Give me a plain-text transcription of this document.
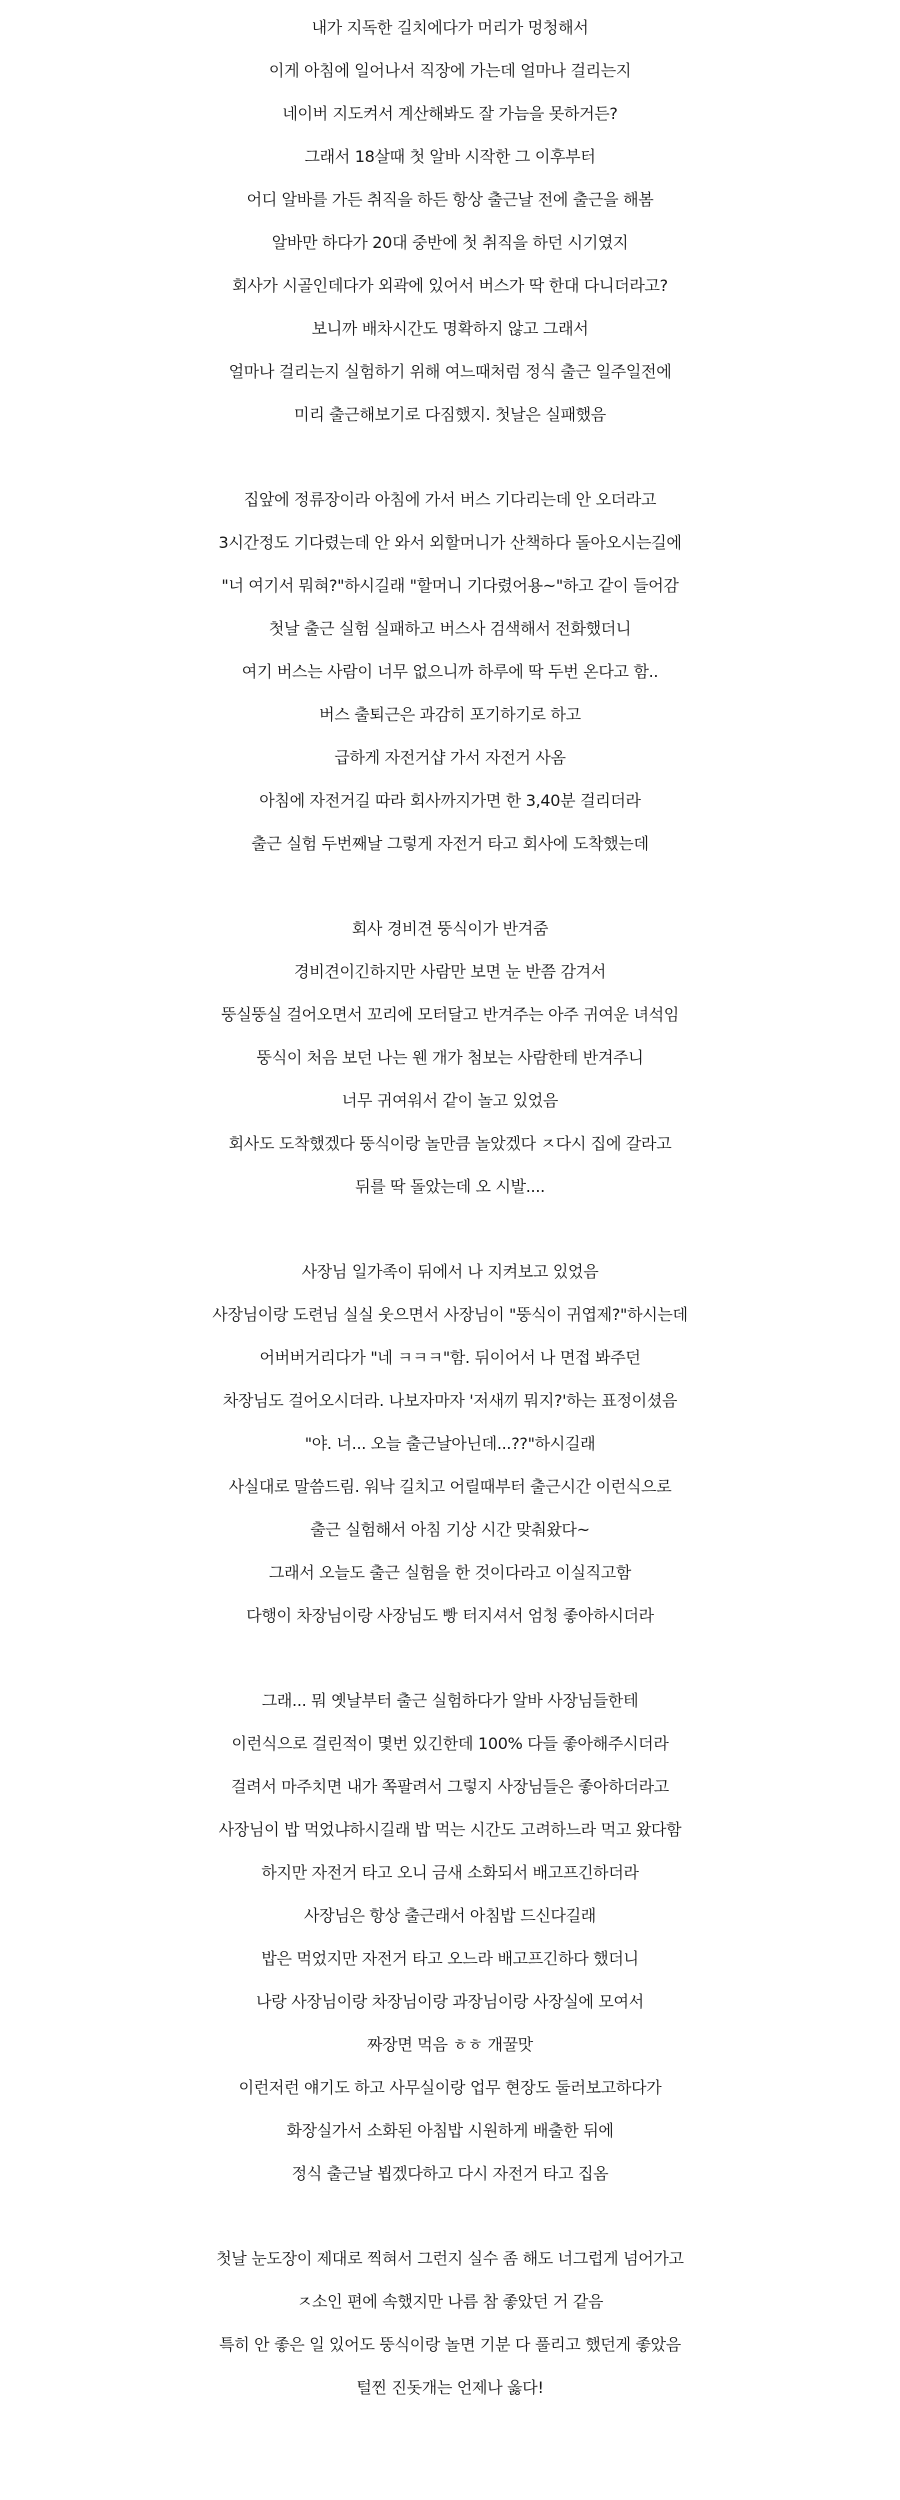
내가 지독한 길치에다가 머리가 멍청해서
이게 아침에 일어나서 직장에 가는데 얼마나 걸리는지
네이버 지도켜서 계산해봐도 잘 가늠을 못하거든?
그래서 18살때 첫 알바 시작한 그 이후부터
어디 알바를 가든 취직을 하든 항상 출근날 전에 출근을 해봄
알바만 하다가 20대 중반에 첫 취직을 하던 시기였지
회사가 시골인데다가 외곽에 있어서 버스가 딱 한대 다니더라고?
보니까 배차시간도 명확하지 않고 그래서
얼마나 걸리는지 실험하기 위해 여느때처럼 정식 출근 일주일전에
미리 출근해보기로 다짐했지. 첫날은 실패했음
집앞에 정류장이라 아침에 가서 버스 기다리는데 안 오더라고
3시간정도 기다렸는데 안 와서 외할머니가 산책하다 돌아오시는길에
"너 여기서 뭐혀?"하시길래 "할머니 기다렸어용~"하고 같이 들어감
첫날 출근 실험 실패하고 버스사 검색해서 전화했더니
여기 버스는 사람이 너무 없으니까 하루에 딱 두번 온다고 함..
버스 출퇴근은 과감히 포기하기로 하고
급하게 자전거샵 가서 자전거 사옴
아침에 자전거길 따라 회사까지가면 한 3,40분 걸리더라
출근 실험 두번째날 그렇게 자전거 타고 회사에 도착했는데
회사 경비견 뚱식이가 반겨줌
경비견이긴하지만 사람만 보면 눈 반쯤 감겨서
뚱실뚱실 걸어오면서 꼬리에 모터달고 반겨주는 아주 귀여운 녀석임
뚱식이 처음 보던 나는 웬 개가 첨보는 사람한테 반겨주니
너무 귀여워서 같이 놀고 있었음
회사도 도착했겠다 뚱식이랑 놀만큼 놀았겠다 ㅈ다시 집에 갈라고
뒤를 딱 돌았는데 오 시발....
사장님 일가족이 뒤에서 나 지켜보고 있었음
사장님이랑 도련님 실실 웃으면서 사장님이 "뚱식이 귀엽제?"하시는데
어버버거리다가 "네 ㅋㅋㅋ"함. 뒤이어서 나 면접 봐주던
차장님도 걸어오시더라. 나보자마자 '저새끼 뭐지?'하는 표정이셨음
"야. 너... 오늘 출근날아닌데...??"하시길래
사실대로 말씀드림. 워낙 길치고 어릴때부터 출근시간 이런식으로
출근 실험해서 아침 기상 시간 맞춰왔다~
그래서 오늘도 출근 실험을 한 것이다라고 이실직고함
다행이 차장님이랑 사장님도 빵 터지셔서 엄청 좋아하시더라
그래... 뭐 옛날부터 출근 실험하다가 알바 사장님들한테
이런식으로 걸린적이 몇번 있긴한데 100% 다들 좋아해주시더라
걸려서 마주치면 내가 쪽팔려서 그렇지 사장님들은 좋아하더라고
사장님이 밥 먹었냐하시길래 밥 먹는 시간도 고려하느라 먹고 왔다함
하지만 자전거 타고 오니 금새 소화되서 배고프긴하더라
사장님은 항상 출근래서 아침밥 드신다길래
밥은 먹었지만 자전거 타고 오느라 배고프긴하다 했더니
나랑 사장님이랑 차장님이랑 과장님이랑 사장실에 모여서
짜장면 먹음 ㅎㅎ 개꿀맛
이런저런 얘기도 하고 사무실이랑 업무 현장도 둘러보고하다가
화장실가서 소화된 아침밥 시원하게 배출한 뒤에
정식 출근날 뵙겠다하고 다시 자전거 타고 집옴
첫날 눈도장이 제대로 찍혀서 그런지 실수 좀 해도 너그럽게 넘어가고
ㅈ소인 편에 속했지만 나름 참 좋았던 거 같음
특히 안 좋은 일 있어도 뚱식이랑 놀면 기분 다 풀리고 했던게 좋았음
털찐 진돗개는 언제나 옳다!
